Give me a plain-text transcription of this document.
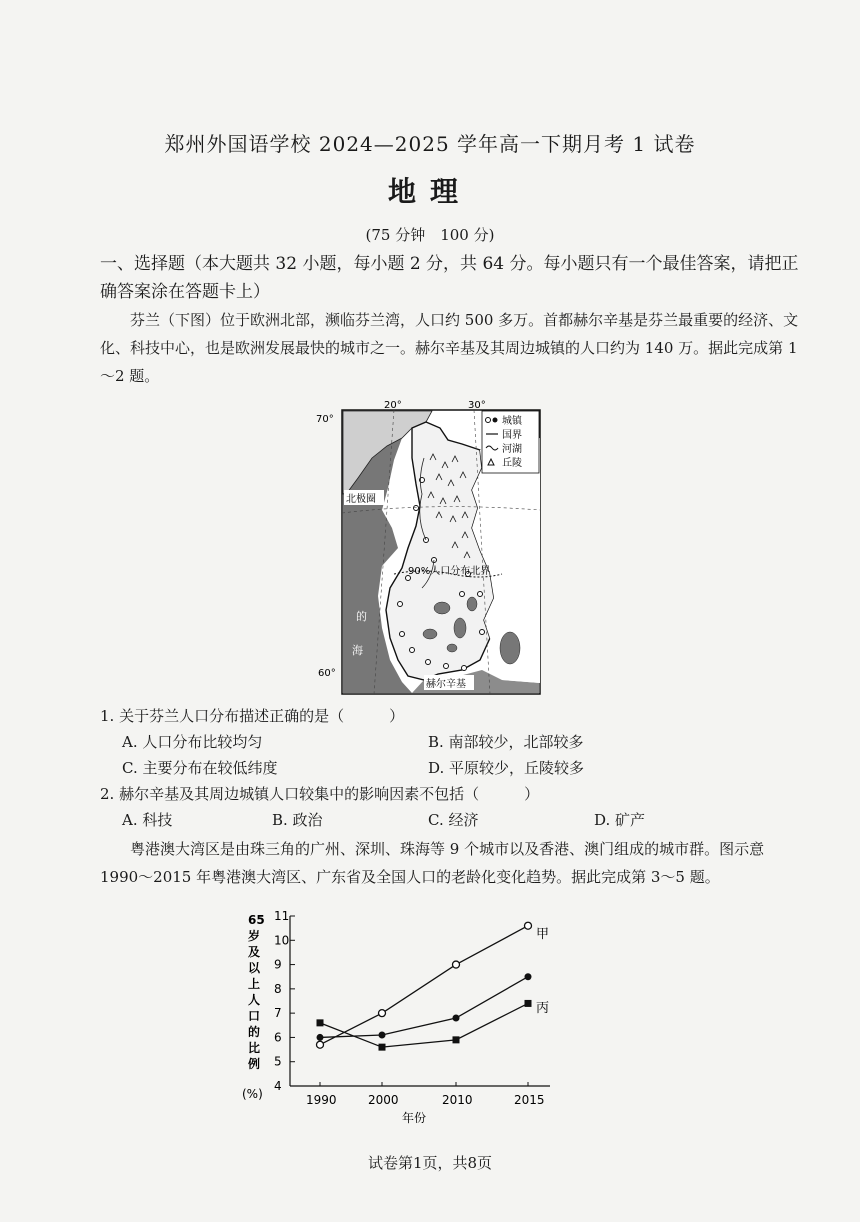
郑州外国语学校 2024—2025 学年高一下期月考 1 试卷
地理
(75 分钟　100 分)
一、选择题（本大题共 32 小题，每小题 2 分，共 64 分。每小题只有一个最佳答案，请把正确答案涂在答题卡上）
芬兰（下图）位于欧洲北部，濒临芬兰湾，人口约 500 多万。首都赫尔辛基是芬兰最重要的经济、文化、科技中心，也是欧洲发展最快的城市之一。赫尔辛基及其周边城镇的人口约为 140 万。据此完成第 1～2 题。
20°	30°
70°
60°
北极圈
90%人口分布北界
赫尔辛基
波
的
海
城镇
国界
河湖
丘陵
1. 关于芬兰人口分布描述正确的是（　　　）
A. 人口分布比较均匀	B. 南部较少，北部较多
C. 主要分布在较低纬度	D. 平原较少，丘陵较多
2. 赫尔辛基及其周边城镇人口较集中的影响因素不包括（　　　）
A. 科技	B. 政治	C. 经济	D. 矿产
粤港澳大湾区是由珠三角的广州、深圳、珠海等 9 个城市以及香港、澳门组成的城市群。图示意 1990～2015 年粤港澳大湾区、广东省及全国人口的老龄化变化趋势。据此完成第 3～5 题。
65
岁
及
以
上
人
口
的
比
例
(%)
4
5
6
7
8
9
10
11
1990	2000	2010	2015
甲
丙
年份
试卷第1页，共8页
